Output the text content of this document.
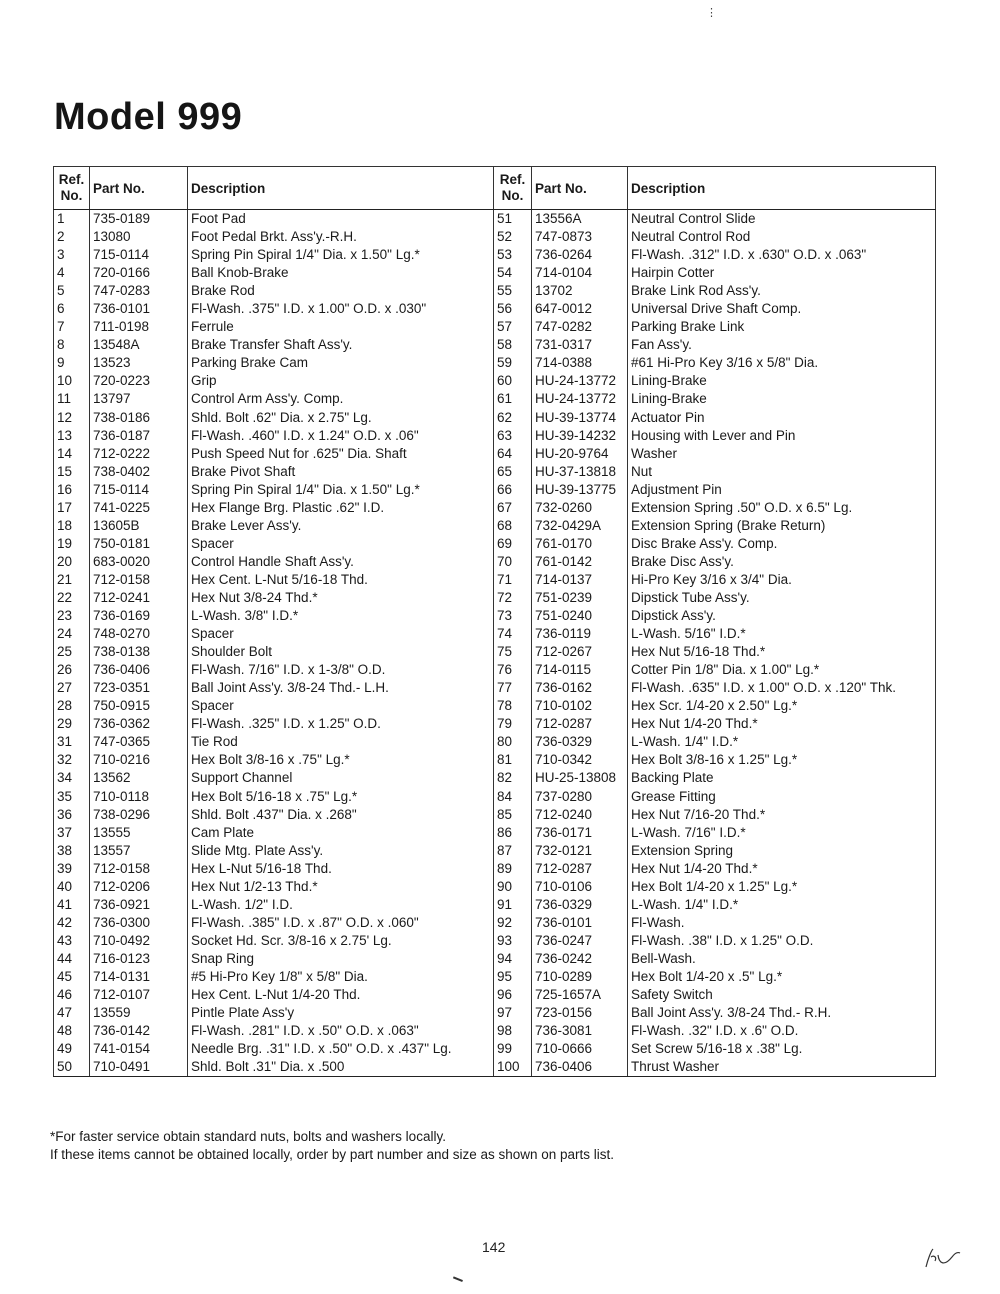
⋮
Model 999
Ref. No.	Part No.	Description	Ref. No.	Part No.	Description
1	735-0189	Foot Pad	51	13556A	Neutral Control Slide
2	13080	Foot Pedal Brkt. Ass'y.-R.H.	52	747-0873	Neutral Control Rod
3	715-0114	Spring Pin Spiral 1/4" Dia. x 1.50" Lg.*	53	736-0264	Fl-Wash. .312" I.D. x .630" O.D. x .063"
4	720-0166	Ball Knob-Brake	54	714-0104	Hairpin Cotter
5	747-0283	Brake Rod	55	13702	Brake Link Rod Ass'y.
6	736-0101	Fl-Wash. .375" I.D. x 1.00" O.D. x .030"	56	647-0012	Universal Drive Shaft Comp.
7	711-0198	Ferrule	57	747-0282	Parking Brake Link
8	13548A	Brake Transfer Shaft Ass'y.	58	731-0317	Fan Ass'y.
9	13523	Parking Brake Cam	59	714-0388	#61 Hi-Pro Key 3/16 x 5/8" Dia.
10	720-0223	Grip	60	HU-24-13772	Lining-Brake
11	13797	Control Arm Ass'y. Comp.	61	HU-24-13772	Lining-Brake
12	738-0186	Shld. Bolt .62" Dia. x 2.75" Lg.	62	HU-39-13774	Actuator Pin
13	736-0187	Fl-Wash. .460" I.D. x 1.24" O.D. x .06"	63	HU-39-14232	Housing with Lever and Pin
14	712-0222	Push Speed Nut for .625" Dia. Shaft	64	HU-20-9764	Washer
15	738-0402	Brake Pivot Shaft	65	HU-37-13818	Nut
16	715-0114	Spring Pin Spiral 1/4" Dia. x 1.50" Lg.*	66	HU-39-13775	Adjustment Pin
17	741-0225	Hex Flange Brg. Plastic .62" I.D.	67	732-0260	Extension Spring .50" O.D. x 6.5" Lg.
18	13605B	Brake Lever Ass'y.	68	732-0429A	Extension Spring (Brake Return)
19	750-0181	Spacer	69	761-0170	Disc Brake Ass'y. Comp.
20	683-0020	Control Handle Shaft Ass'y.	70	761-0142	Brake Disc Ass'y.
21	712-0158	Hex Cent. L-Nut 5/16-18 Thd.	71	714-0137	Hi-Pro Key 3/16 x 3/4" Dia.
22	712-0241	Hex Nut 3/8-24 Thd.*	72	751-0239	Dipstick Tube Ass'y.
23	736-0169	L-Wash. 3/8" I.D.*	73	751-0240	Dipstick Ass'y.
24	748-0270	Spacer	74	736-0119	L-Wash. 5/16" I.D.*
25	738-0138	Shoulder Bolt	75	712-0267	Hex Nut 5/16-18 Thd.*
26	736-0406	Fl-Wash. 7/16" I.D. x 1-3/8" O.D.	76	714-0115	Cotter Pin 1/8" Dia. x 1.00" Lg.*
27	723-0351	Ball Joint Ass'y. 3/8-24 Thd.- L.H.	77	736-0162	Fl-Wash. .635" I.D. x 1.00" O.D. x .120" Thk.
28	750-0915	Spacer	78	710-0102	Hex Scr. 1/4-20 x 2.50" Lg.*
29	736-0362	Fl-Wash. .325" I.D. x 1.25" O.D.	79	712-0287	Hex Nut 1/4-20 Thd.*
31	747-0365	Tie Rod	80	736-0329	L-Wash. 1/4" I.D.*
32	710-0216	Hex Bolt 3/8-16 x .75" Lg.*	81	710-0342	Hex Bolt 3/8-16 x 1.25" Lg.*
34	13562	Support Channel	82	HU-25-13808	Backing Plate
35	710-0118	Hex Bolt 5/16-18 x .75" Lg.*	84	737-0280	Grease Fitting
36	738-0296	Shld. Bolt .437" Dia. x .268"	85	712-0240	Hex Nut 7/16-20 Thd.*
37	13555	Cam Plate	86	736-0171	L-Wash. 7/16" I.D.*
38	13557	Slide Mtg. Plate Ass'y.	87	732-0121	Extension Spring
39	712-0158	Hex L-Nut 5/16-18 Thd.	89	712-0287	Hex Nut 1/4-20 Thd.*
40	712-0206	Hex Nut 1/2-13 Thd.*	90	710-0106	Hex Bolt 1/4-20 x 1.25" Lg.*
41	736-0921	L-Wash. 1/2" I.D.	91	736-0329	L-Wash. 1/4" I.D.*
42	736-0300	Fl-Wash. .385" I.D. x .87" O.D. x .060"	92	736-0101	Fl-Wash.
43	710-0492	Socket Hd. Scr. 3/8-16 x 2.75' Lg.	93	736-0247	Fl-Wash. .38" I.D. x 1.25" O.D.
44	716-0123	Snap Ring	94	736-0242	Bell-Wash.
45	714-0131	#5 Hi-Pro Key 1/8" x 5/8" Dia.	95	710-0289	Hex Bolt 1/4-20 x .5" Lg.*
46	712-0107	Hex Cent. L-Nut 1/4-20 Thd.	96	725-1657A	Safety Switch
47	13559	Pintle Plate Ass'y	97	723-0156	Ball Joint Ass'y. 3/8-24 Thd.- R.H.
48	736-0142	Fl-Wash. .281" I.D. x .50" O.D. x .063"	98	736-3081	Fl-Wash. .32" I.D. x .6" O.D.
49	741-0154	Needle Brg. .31" I.D. x .50" O.D. x .437" Lg.	99	710-0666	Set Screw 5/16-18 x .38" Lg.
50	710-0491	Shld. Bolt .31" Dia. x .500	100	736-0406	Thrust Washer
*For faster service obtain standard nuts, bolts and washers locally.
If these items cannot be obtained locally, order by part number and size as shown on parts list.
142
